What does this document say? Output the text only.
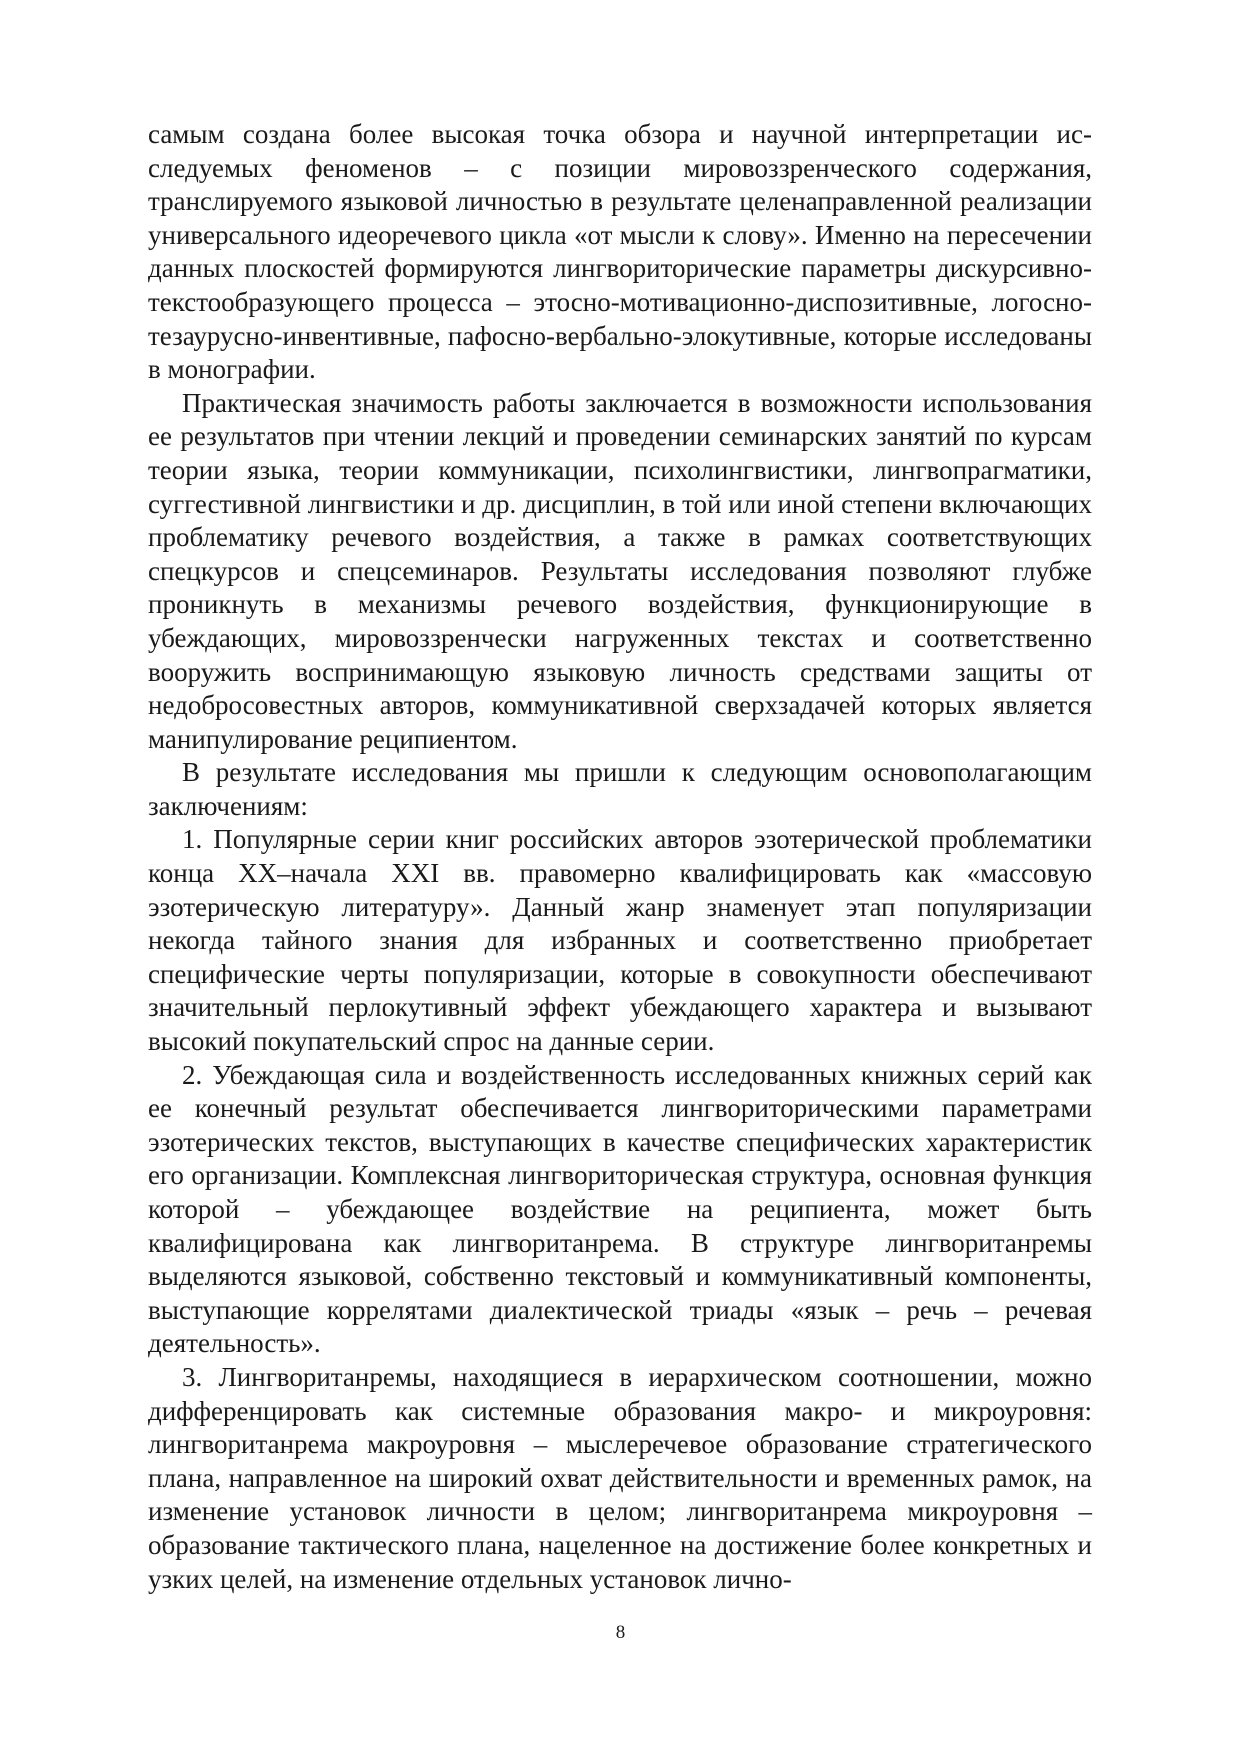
самым создана более высокая точка обзора и научной интерпретации исследуемых феноменов – с позиции мировоззренческого содержания, транслируемого языковой личностью в результате целенаправленной реализации универсального идеоречевого цикла «от мысли к слову». Именно на пересечении данных плоскостей формируются лингвориторические параметры дискурсивно-текстообразующего процесса – этосно-мотивационно-диспозитивные, логосно-тезаурусно-инвентивные, пафосно-вербально-элокутивные, которые исследованы в монографии.

Практическая значимость работы заключается в возможности использования ее результатов при чтении лекций и проведении семинарских занятий по курсам теории языка, теории коммуникации, психолингвистики, лингвопрагматики, суггестивной лингвистики и др. дисциплин, в той или иной степени включающих проблематику речевого воздействия, а также в рамках соответствующих спецкурсов и спецсеминаров. Результаты исследования позволяют глубже проникнуть в механизмы речевого воздействия, функционирующие в убеждающих, мировоззренчески нагруженных текстах и соответственно вооружить воспринимающую языковую личность средствами защиты от недобросовестных авторов, коммуникативной сверхзадачей которых является манипулирование реципиентом.

В результате исследования мы пришли к следующим основополагающим заключениям:

1. Популярные серии книг российских авторов эзотерической проблематики конца XX–начала XXI вв. правомерно квалифицировать как «массовую эзотерическую литературу». Данный жанр знаменует этап популяризации некогда тайного знания для избранных и соответственно приобретает специфические черты популяризации, которые в совокупности обеспечивают значительный перлокутивный эффект убеждающего характера и вызывают высокий покупательский спрос на данные серии.

2. Убеждающая сила и воздейственность исследованных книжных серий как ее конечный результат обеспечивается лингвориторическими параметрами эзотерических текстов, выступающих в качестве специфических характеристик его организации. Комплексная лингвориторическая структура, основная функция которой – убеждающее воздействие на реципиента, может быть квалифицирована как лингвоританрема. В структуре лингвоританремы выделяются языковой, собственно текстовый и коммуникативный компоненты, выступающие коррелятами диалектической триады «язык – речь – речевая деятельность».

3. Лингвоританремы, находящиеся в иерархическом соотношении, можно дифференцировать как системные образования макро- и микроуровня: лингвоританрема макроуровня – мыслеречевое образование стратегического плана, направленное на широкий охват действительности и временных рамок, на изменение установок личности в целом; лингвоританрема микроуровня – образование тактического плана, нацеленное на достижение более конкретных и узких целей, на изменение отдельных установок лично-

8
